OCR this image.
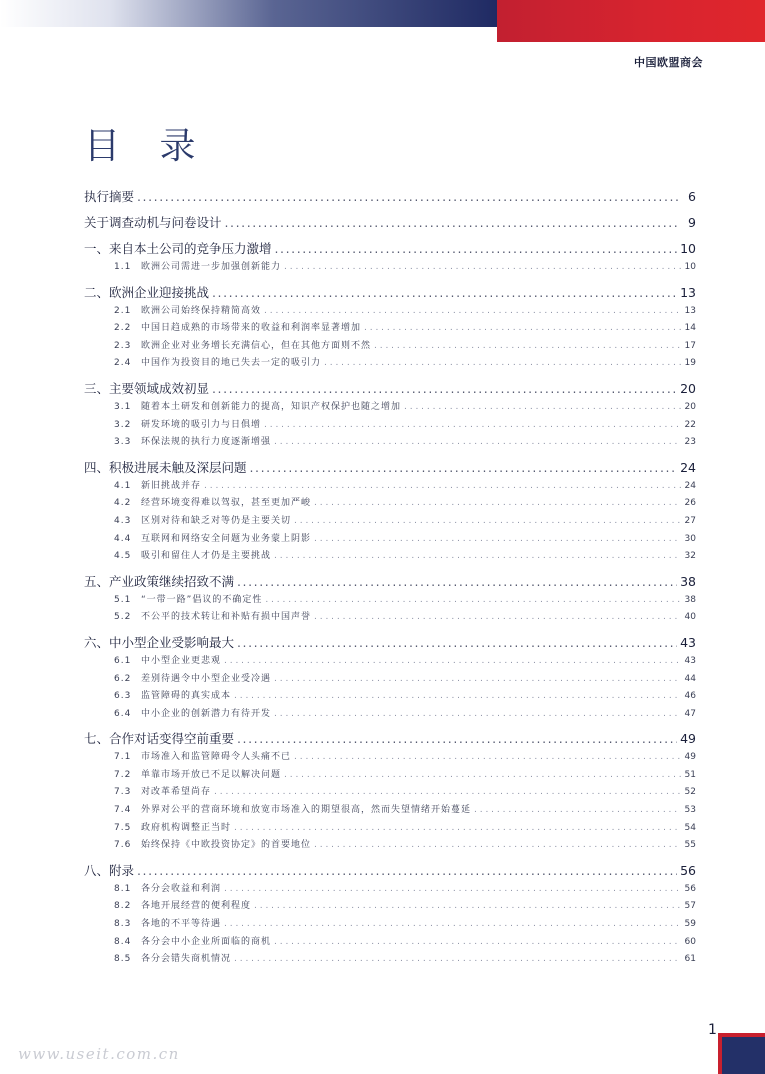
中国欧盟商会
目 录
执行摘要 . . .	6
关于调查动机与问卷设计 . . .	9
一、来自本土公司的竞争压力激增 . . .	10
1.1	欧洲公司需进一步加强创新能力 . . .	10
二、欧洲企业迎接挑战 . . .	13
2.1	欧洲公司始终保持精简高效 . . .	13
2.2	中国日趋成熟的市场带来的收益和利润率显著增加 . . .	14
2.3	欧洲企业对业务增长充满信心，但在其他方面则不然 . . .	17
2.4	中国作为投资目的地已失去一定的吸引力 . . .	19
三、主要领域成效初显 . . .	20
3.1	随着本土研发和创新能力的提高，知识产权保护也随之增加 . . .	20
3.2	研发环境的吸引力与日俱增 . . .	22
3.3	环保法规的执行力度逐渐增强 . . .	23
四、积极进展未触及深层问题 . . .	24
4.1	新旧挑战并存 . . .	24
4.2	经营环境变得难以驾驭，甚至更加严峻 . . .	26
4.3	区别对待和缺乏对等仍是主要关切 . . .	27
4.4	互联网和网络安全问题为业务蒙上阴影 . . .	30
4.5	吸引和留住人才仍是主要挑战 . . .	32
五、产业政策继续招致不满 . . .	38
5.1	“一带一路”倡议的不确定性 . . .	38
5.2	不公平的技术转让和补贴有损中国声誉 . . .	40
六、中小型企业受影响最大 . . .	43
6.1	中小型企业更悲观 . . .	43
6.2	差别待遇令中小型企业受冷遇 . . .	44
6.3	监管障碍的真实成本 . . .	46
6.4	中小企业的创新潜力有待开发 . . .	47
七、合作对话变得空前重要 . . .	49
7.1	市场准入和监管障碍令人头痛不已 . . .	49
7.2	单靠市场开放已不足以解决问题 . . .	51
7.3	对改革希望尚存 . . .	52
7.4	外界对公平的营商环境和放宽市场准入的期望很高，然而失望情绪开始蔓延 . . .	53
7.5	政府机构调整正当时 . . .	54
7.6	始终保持《中欧投资协定》的首要地位 . . .	55
八、附录 . . .	56
8.1	各分会收益和利润 . . .	56
8.2	各地开展经营的便利程度 . . .	57
8.3	各地的不平等待遇 . . .	59
8.4	各分会中小企业所面临的商机 . . .	60
8.5	各分会错失商机情况 . . .	61
1
www.useit.com.cn
